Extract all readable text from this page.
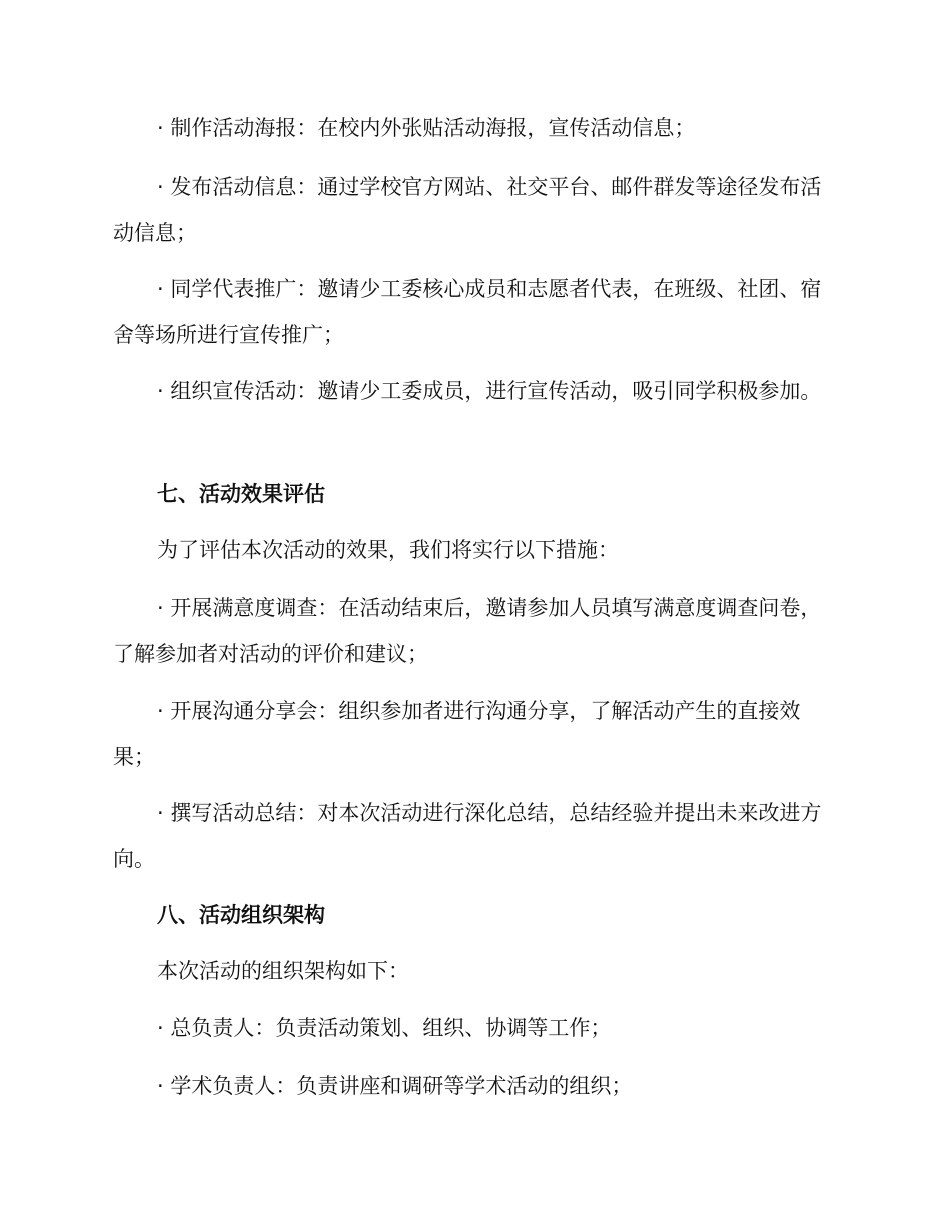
· 制作活动海报：在校内外张贴活动海报，宣传活动信息；

· 发布活动信息：通过学校官方网站、社交平台、邮件群发等途径发布活动信息；

· 同学代表推广：邀请少工委核心成员和志愿者代表，在班级、社团、宿舍等场所进行宣传推广；

· 组织宣传活动：邀请少工委成员，进行宣传活动，吸引同学积极参加。

七、活动效果评估

为了评估本次活动的效果，我们将实行以下措施：

· 开展满意度调查：在活动结束后，邀请参加人员填写满意度调查问卷，了解参加者对活动的评价和建议；

· 开展沟通分享会：组织参加者进行沟通分享，了解活动产生的直接效果；

· 撰写活动总结：对本次活动进行深化总结，总结经验并提出未来改进方向。

八、活动组织架构

本次活动的组织架构如下：

· 总负责人：负责活动策划、组织、协调等工作；

· 学术负责人：负责讲座和调研等学术活动的组织；
